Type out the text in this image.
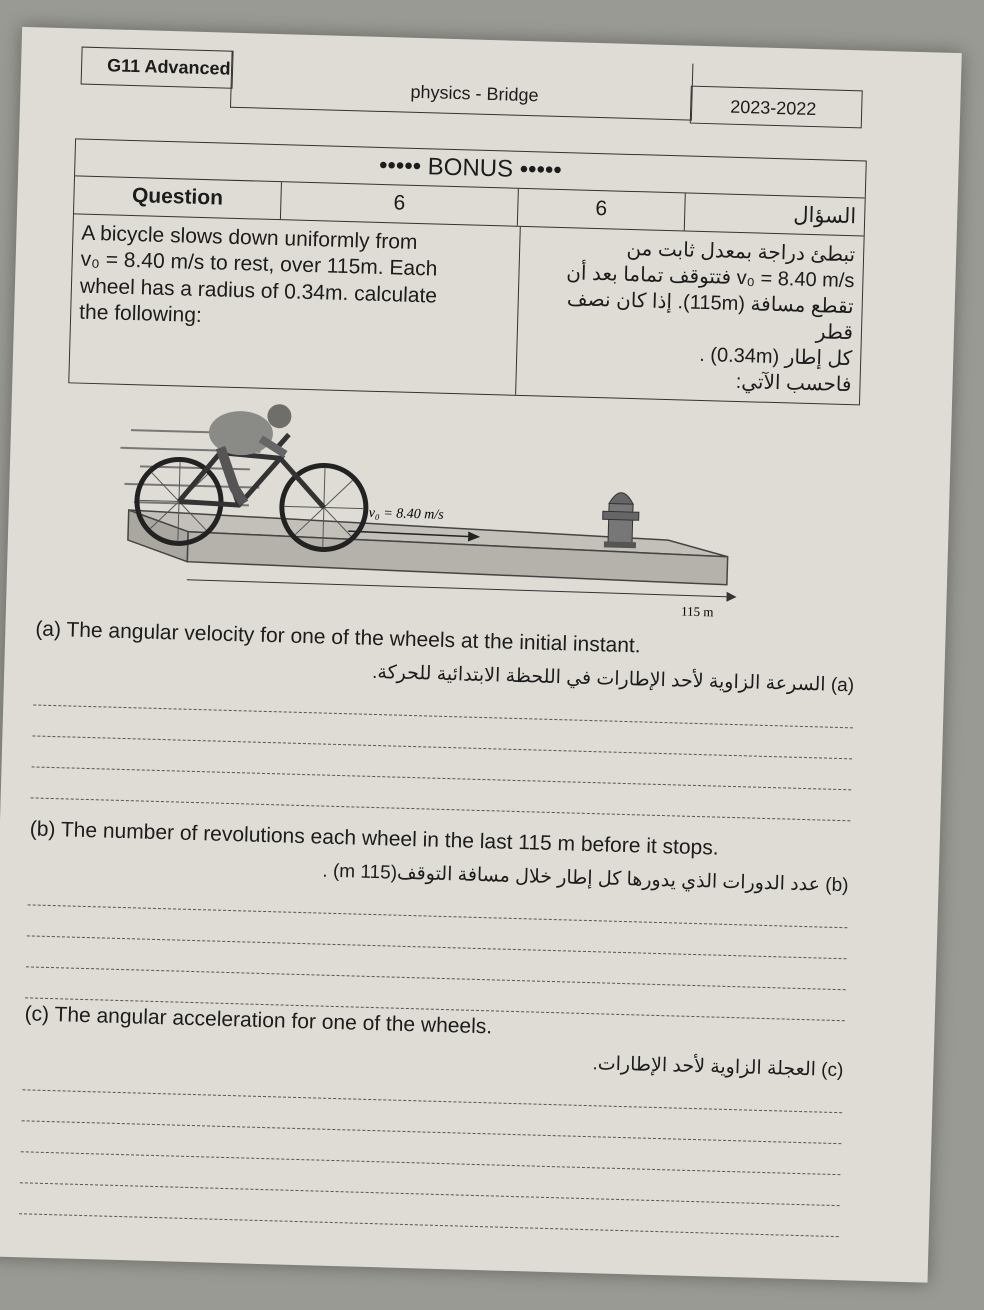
G11 Advanced
physics - Bridge
2023-2022
••••• BONUS •••••
Question	6	6	السؤال
A bicycle slows down uniformly from
v₀ = 8.40 m/s to rest, over 115m. Each
wheel has a radius of 0.34m. calculate
the following:
تبطئ دراجة بمعدل ثابت من
v₀ = 8.40 m/s فتتوقف تماما بعد أن
تقطع مسافة (115m). إذا كان نصف قطر
كل إطار (0.34m) .
فاحسب الآتي:
v₀ = 8.40 m/s
115 m
(a) The angular velocity for one of the wheels at the initial instant.
(a) السرعة الزاوية لأحد الإطارات في اللحظة الابتدائية للحركة.
(b) The number of revolutions each wheel in the last 115 m before it stops.
(b) عدد الدورات الذي يدورها كل إطار خلال مسافة التوقف(115 m) .
(c) The angular acceleration for one of the wheels.
(c) العجلة الزاوية لأحد الإطارات.
